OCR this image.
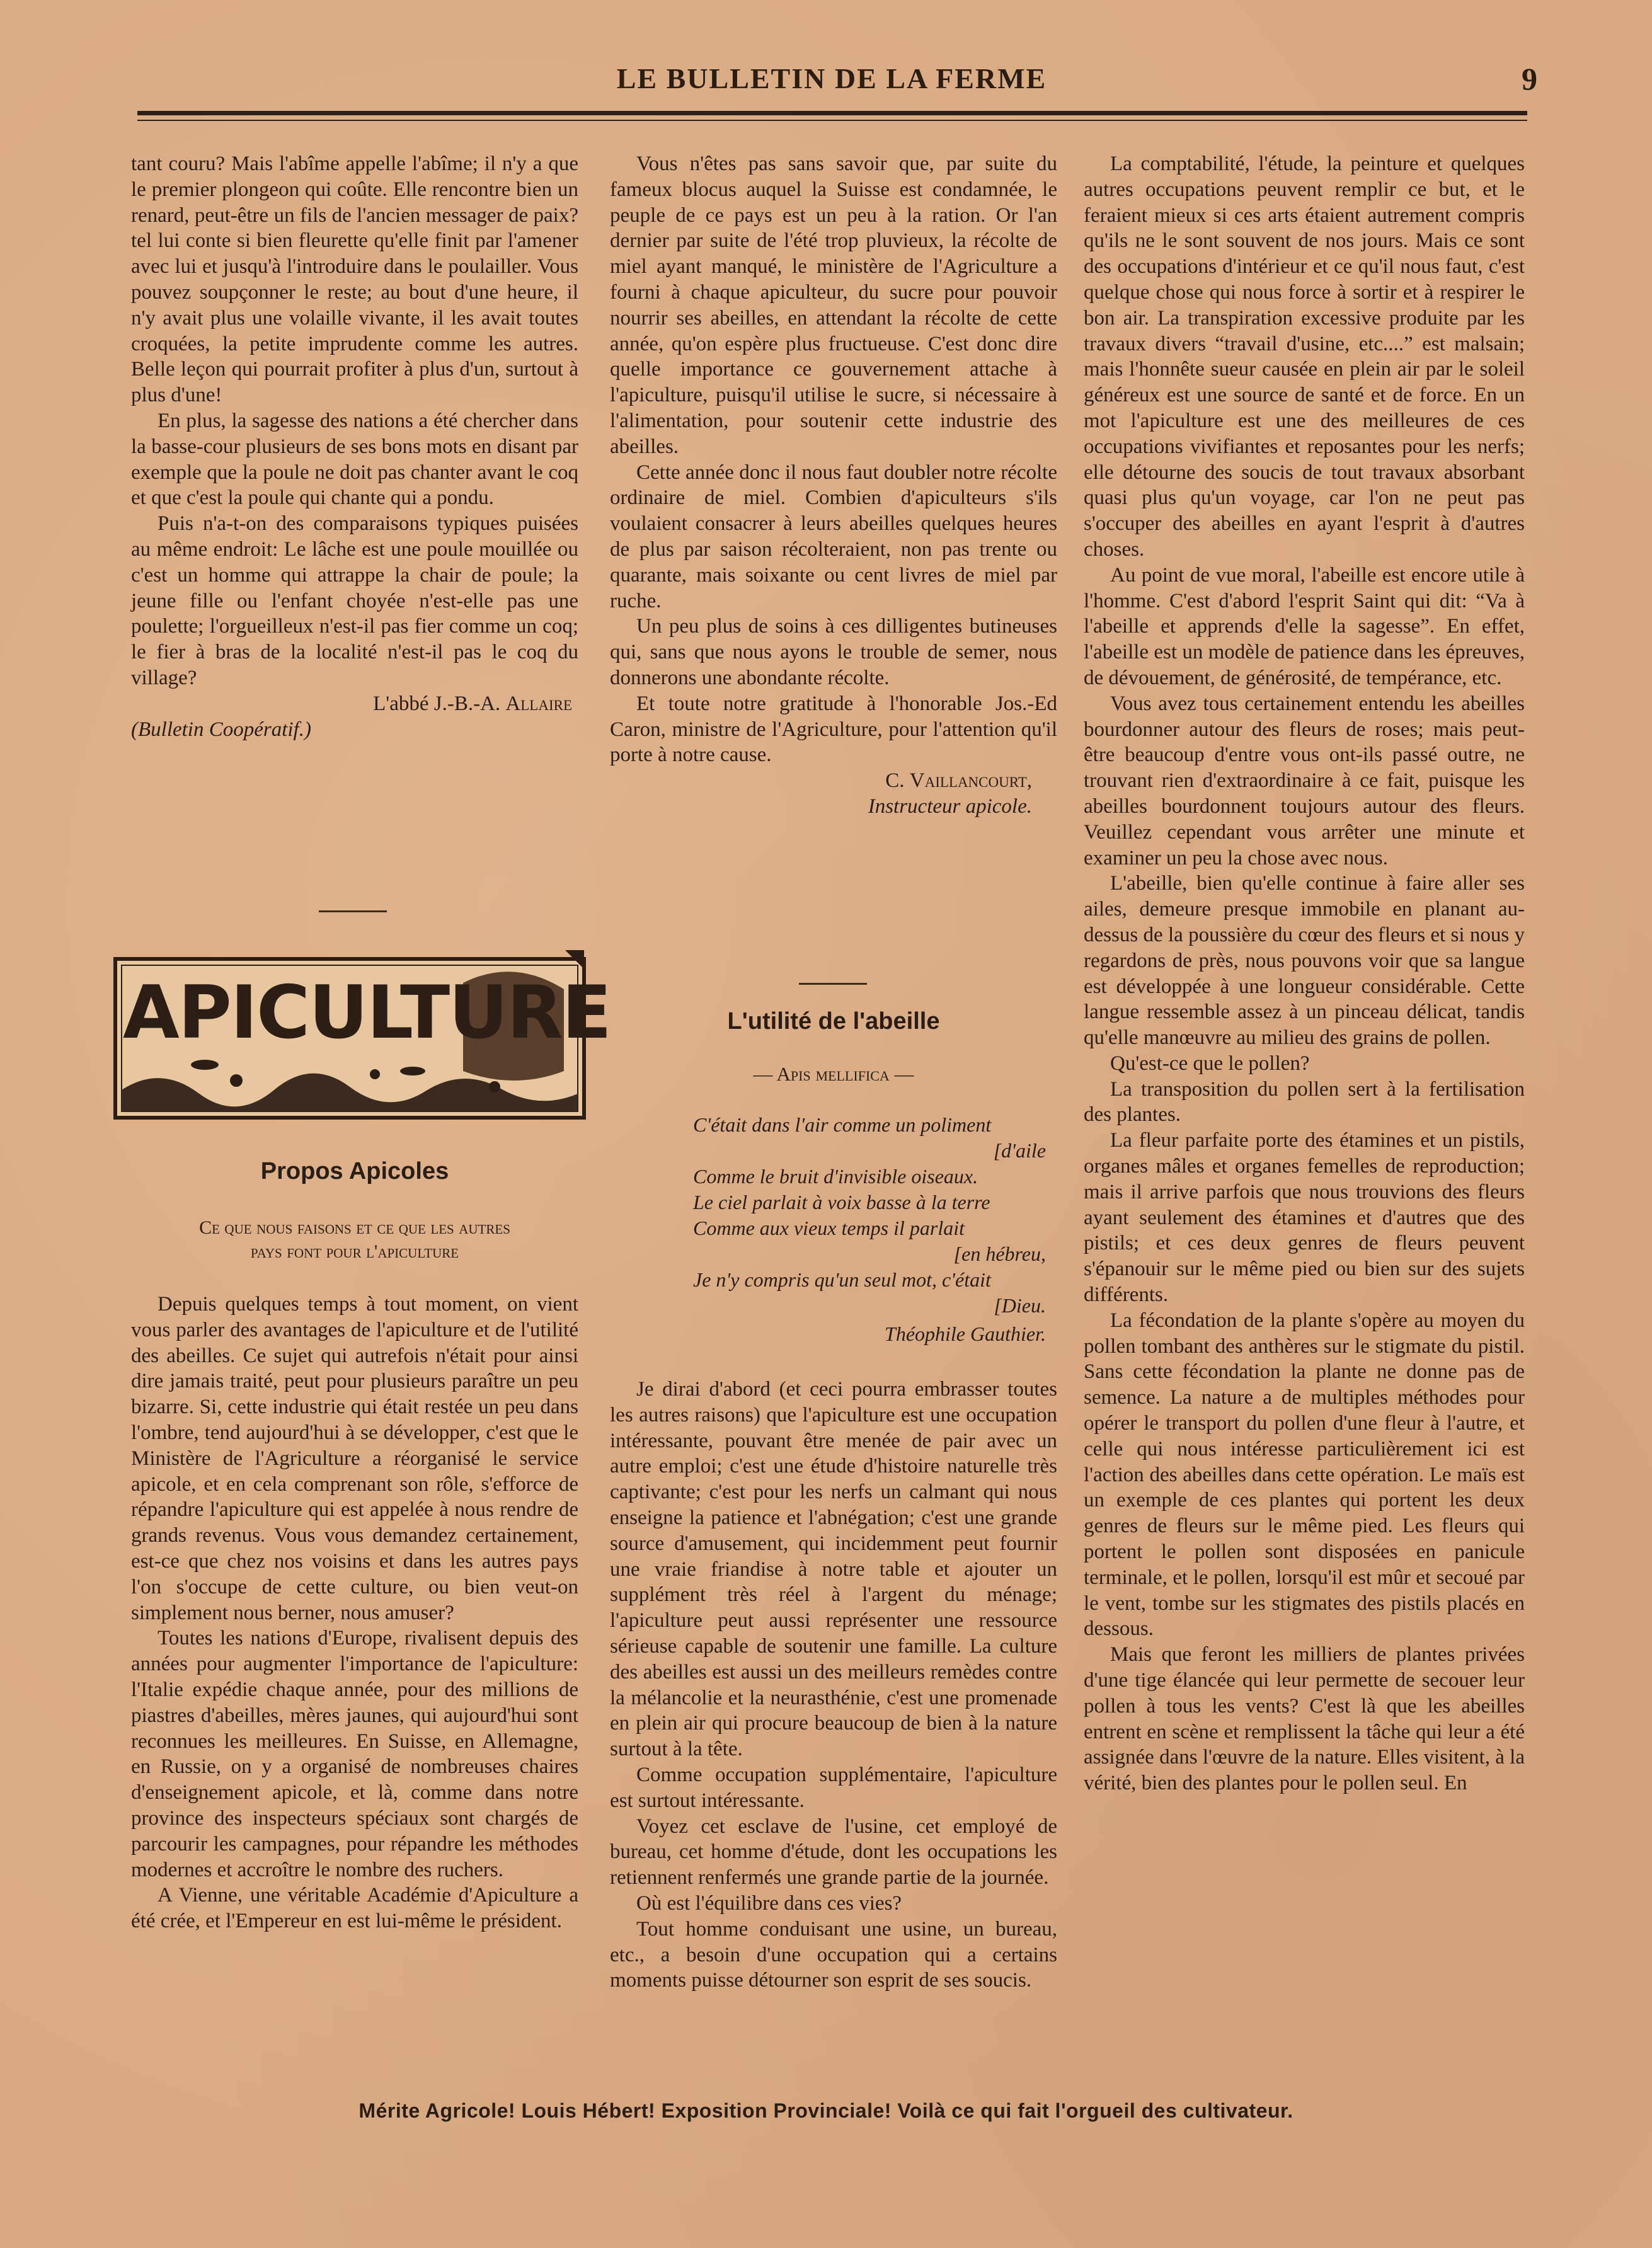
LE BULLETIN DE LA FERME	9

tant couru? Mais l'abîme appelle l'abîme; il n'y a que le premier plongeon qui coûte. Elle rencontre bien un renard, peut-être un fils de l'ancien messager de paix? tel lui conte si bien fleurette qu'elle finit par l'amener avec lui et jusqu'à l'introduire dans le poulailler. Vous pouvez soupçonner le reste; au bout d'une heure, il n'y avait plus une volaille vivante, il les avait toutes croquées, la petite imprudente comme les autres. Belle leçon qui pourrait profiter à plus d'un, surtout à plus d'une!

En plus, la sagesse des nations a été chercher dans la basse-cour plusieurs de ses bons mots en disant par exemple que la poule ne doit pas chanter avant le coq et que c'est la poule qui chante qui a pondu.

Puis n'a-t-on des comparaisons typiques puisées au même endroit: Le lâche est une poule mouillée ou c'est un homme qui attrappe la chair de poule; la jeune fille ou l'enfant choyée n'est-elle pas une poulette; l'orgueilleux n'est-il pas fier comme un coq; le fier à bras de la localité n'est-il pas le coq du village?

L'abbé J.-B.-A. Allaire

(Bulletin Coopératif.)

APICULTURE
Propos Apicoles
Ce que nous faisons et ce que les autres
pays font pour l'apiculture

Depuis quelques temps à tout moment, on vient vous parler des avantages de l'apiculture et de l'utilité des abeilles. Ce sujet qui autrefois n'était pour ainsi dire jamais traité, peut pour plusieurs paraître un peu bizarre. Si, cette industrie qui était restée un peu dans l'ombre, tend aujourd'hui à se développer, c'est que le Ministère de l'Agriculture a réorganisé le service apicole, et en cela comprenant son rôle, s'efforce de répandre l'apiculture qui est appelée à nous rendre de grands revenus. Vous vous demandez certainement, est-ce que chez nos voisins et dans les autres pays l'on s'occupe de cette culture, ou bien veut-on simplement nous berner, nous amuser?

Toutes les nations d'Europe, rivalisent depuis des années pour augmenter l'importance de l'apiculture: l'Italie expédie chaque année, pour des millions de piastres d'abeilles, mères jaunes, qui aujourd'hui sont reconnues les meilleures. En Suisse, en Allemagne, en Russie, on y a organisé de nombreuses chaires d'enseignement apicole, et là, comme dans notre province des inspecteurs spéciaux sont chargés de parcourir les campagnes, pour répandre les méthodes modernes et accroître le nombre des ruchers.

A Vienne, une véritable Académie d'Apiculture a été crée, et l'Empereur en est lui-même le président.

Vous n'êtes pas sans savoir que, par suite du fameux blocus auquel la Suisse est condamnée, le peuple de ce pays est un peu à la ration. Or l'an dernier par suite de l'été trop pluvieux, la récolte de miel ayant manqué, le ministère de l'Agriculture a fourni à chaque apiculteur, du sucre pour pouvoir nourrir ses abeilles, en attendant la récolte de cette année, qu'on espère plus fructueuse. C'est donc dire quelle importance ce gouvernement attache à l'apiculture, puisqu'il utilise le sucre, si nécessaire à l'alimentation, pour soutenir cette industrie des abeilles.

Cette année donc il nous faut doubler notre récolte ordinaire de miel. Combien d'apiculteurs s'ils voulaient consacrer à leurs abeilles quelques heures de plus par saison récolteraient, non pas trente ou quarante, mais soixante ou cent livres de miel par ruche.

Un peu plus de soins à ces dilligentes butineuses qui, sans que nous ayons le trouble de semer, nous donnerons une abondante récolte.

Et toute notre gratitude à l'honorable Jos.-Ed Caron, ministre de l'Agriculture, pour l'attention qu'il porte à notre cause.

C. Vaillancourt,
Instructeur apicole.
L'utilité de l'abeille
— Apis mellifica —
C'était dans l'air comme un poliment
[d'aile
Comme le bruit d'invisible oiseaux.
Le ciel parlait à voix basse à la terre
Comme aux vieux temps il parlait
[en hébreu,
Je n'y compris qu'un seul mot, c'était
[Dieu.
Théophile Gauthier.

Je dirai d'abord (et ceci pourra embrasser toutes les autres raisons) que l'apiculture est une occupation intéressante, pouvant être menée de pair avec un autre emploi; c'est une étude d'histoire naturelle très captivante; c'est pour les nerfs un calmant qui nous enseigne la patience et l'abnégation; c'est une grande source d'amusement, qui incidemment peut fournir une vraie friandise à notre table et ajouter un supplément très réel à l'argent du ménage; l'apiculture peut aussi représenter une ressource sérieuse capable de soutenir une famille. La culture des abeilles est aussi un des meilleurs remèdes contre la mélancolie et la neurasthénie, c'est une promenade en plein air qui procure beaucoup de bien à la nature surtout à la tête.

Comme occupation supplémentaire, l'apiculture est surtout intéressante.

Voyez cet esclave de l'usine, cet employé de bureau, cet homme d'étude, dont les occupations les retiennent renfermés une grande partie de la journée.

Où est l'équilibre dans ces vies?

Tout homme conduisant une usine, un bureau, etc., a besoin d'une occupation qui a certains moments puisse détourner son esprit de ses soucis.

La comptabilité, l'étude, la peinture et quelques autres occupations peuvent remplir ce but, et le feraient mieux si ces arts étaient autrement compris qu'ils ne le sont souvent de nos jours. Mais ce sont des occupations d'intérieur et ce qu'il nous faut, c'est quelque chose qui nous force à sortir et à respirer le bon air. La transpiration excessive produite par les travaux divers “travail d'usine, etc....” est malsain; mais l'honnête sueur causée en plein air par le soleil généreux est une source de santé et de force. En un mot l'apiculture est une des meilleures de ces occupations vivifiantes et reposantes pour les nerfs; elle détourne des soucis de tout travaux absorbant quasi plus qu'un voyage, car l'on ne peut pas s'occuper des abeilles en ayant l'esprit à d'autres choses.

Au point de vue moral, l'abeille est encore utile à l'homme. C'est d'abord l'esprit Saint qui dit: “Va à l'abeille et apprends d'elle la sagesse”. En effet, l'abeille est un modèle de patience dans les épreuves, de dévouement, de générosité, de tempérance, etc.

Vous avez tous certainement entendu les abeilles bourdonner autour des fleurs de roses; mais peut-être beaucoup d'entre vous ont-ils passé outre, ne trouvant rien d'extraordinaire à ce fait, puisque les abeilles bourdonnent toujours autour des fleurs. Veuillez cependant vous arrêter une minute et examiner un peu la chose avec nous.

L'abeille, bien qu'elle continue à faire aller ses ailes, demeure presque immobile en planant au-dessus de la poussière du cœur des fleurs et si nous y regardons de près, nous pouvons voir que sa langue est développée à une longueur considérable. Cette langue ressemble assez à un pinceau délicat, tandis qu'elle manœuvre au milieu des grains de pollen.

Qu'est-ce que le pollen?

La transposition du pollen sert à la fertilisation des plantes.

La fleur parfaite porte des étamines et un pistils, organes mâles et organes femelles de reproduction; mais il arrive parfois que nous trouvions des fleurs ayant seulement des étamines et d'autres que des pistils; et ces deux genres de fleurs peuvent s'épanouir sur le même pied ou bien sur des sujets différents.

La fécondation de la plante s'opère au moyen du pollen tombant des anthères sur le stigmate du pistil. Sans cette fécondation la plante ne donne pas de semence. La nature a de multiples méthodes pour opérer le transport du pollen d'une fleur à l'autre, et celle qui nous intéresse particulièrement ici est l'action des abeilles dans cette opération. Le maïs est un exemple de ces plantes qui portent les deux genres de fleurs sur le même pied. Les fleurs qui portent le pollen sont disposées en panicule terminale, et le pollen, lorsqu'il est mûr et secoué par le vent, tombe sur les stigmates des pistils placés en dessous.

Mais que feront les milliers de plantes privées d'une tige élancée qui leur permette de secouer leur pollen à tous les vents? C'est là que les abeilles entrent en scène et remplissent la tâche qui leur a été assignée dans l'œuvre de la nature. Elles visitent, à la vérité, bien des plantes pour le pollen seul. En

Mérite Agricole! Louis Hébert! Exposition Provinciale! Voilà ce qui fait l'orgueil des cultivateur.
